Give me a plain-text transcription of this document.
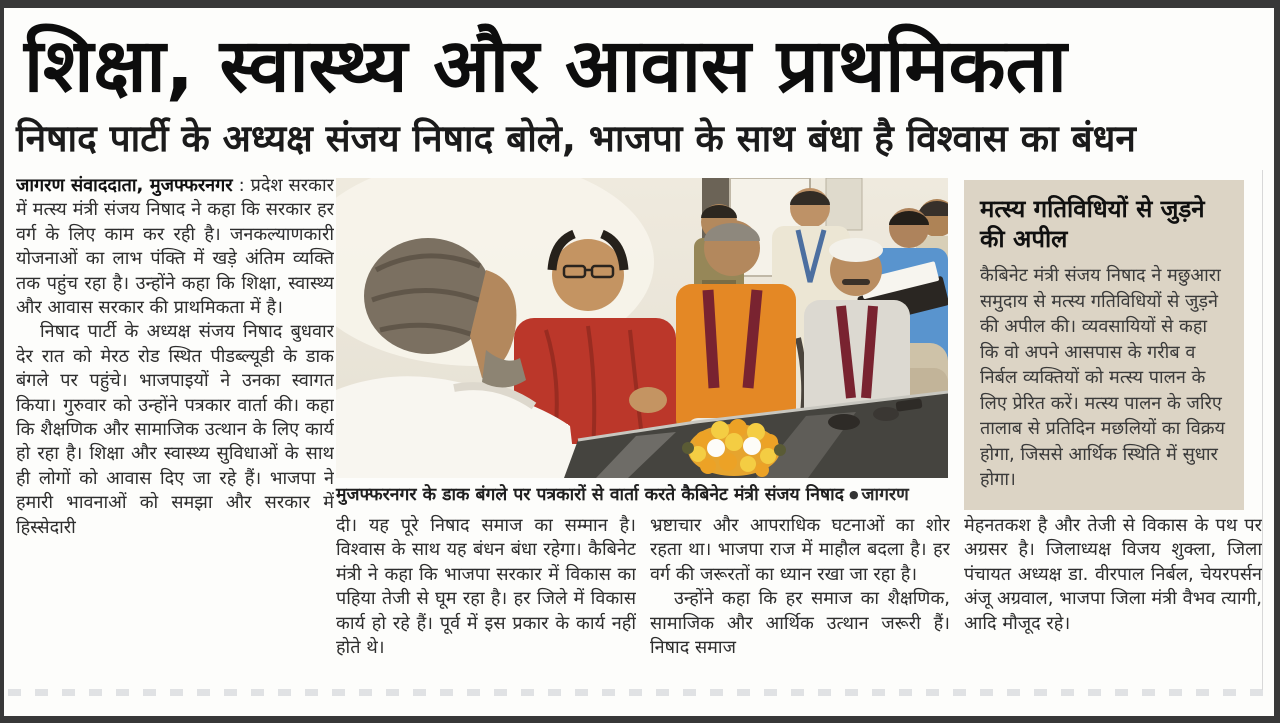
शिक्षा, स्वास्थ्य और आवास प्राथमिकता
निषाद पार्टी के अध्यक्ष संजय निषाद बोले, भाजपा के साथ बंधा है विश्वास का बंधन

जागरण संवाददाता, मुजफ्फरनगर : प्रदेश सरकार में मत्स्य मंत्री संजय निषाद ने कहा कि सरकार हर वर्ग के लिए काम कर रही है। जनकल्याणकारी योजनाओं का लाभ पंक्ति में खड़े अंतिम व्यक्ति तक पहुंच रहा है। उन्होंने कहा कि शिक्षा, स्वास्थ्य और आवास सरकार की प्राथमिकता में है।

निषाद पार्टी के अध्यक्ष संजय निषाद बुधवार देर रात को मेरठ रोड स्थित पीडब्ल्यूडी के डाक बंगले पर पहुंचे। भाजपाइयों ने उनका स्वागत किया। गुरुवार को उन्होंने पत्रकार वार्ता की। कहा कि शैक्षणिक और सामाजिक उत्थान के लिए कार्य हो रहा है। शिक्षा और स्वास्थ्य सुविधाओं के साथ ही लोगों को आवास दिए जा रहे हैं। भाजपा ने हमारी भावनाओं को समझा और सरकार में हिस्सेदारी

मुजफ्फरनगर के डाक बंगले पर पत्रकारों से वार्ता करते कैबिनेट मंत्री संजय निषाद ● जागरण

दी। यह पूरे निषाद समाज का सम्मान है। विश्वास के साथ यह बंधन बंधा रहेगा। कैबिनेट मंत्री ने कहा कि भाजपा सरकार में विकास का पहिया तेजी से घूम रहा है। हर जिले में विकास कार्य हो रहे हैं। पूर्व में इस प्रकार के कार्य नहीं होते थे।

भ्रष्टाचार और आपराधिक घटनाओं का शोर रहता था। भाजपा राज में माहौल बदला है। हर वर्ग की जरूरतों का ध्यान रखा जा रहा है।

उन्होंने कहा कि हर समाज का शैक्षणिक, सामाजिक और आर्थिक उत्थान जरूरी हैं। निषाद समाज

मत्स्य गतिविधियों से जुड़ने की अपील

कैबिनेट मंत्री संजय निषाद ने मछुआरा समुदाय से मत्स्य गतिविधियों से जुड़ने की अपील की। व्यवसायियों से कहा कि वो अपने आसपास के गरीब व निर्बल व्यक्तियों को मत्स्य पालन के लिए प्रेरित करें। मत्स्य पालन के जरिए तालाब से प्रतिदिन मछलियों का विक्रय होगा, जिससे आर्थिक स्थिति में सुधार होगा।

मेहनतकश है और तेजी से विकास के पथ पर अग्रसर है। जिलाध्यक्ष विजय शुक्ला, जिला पंचायत अध्यक्ष डा. वीरपाल निर्बल, चेयरपर्सन अंजू अग्रवाल, भाजपा जिला मंत्री वैभव त्यागी, आदि मौजूद रहे।
